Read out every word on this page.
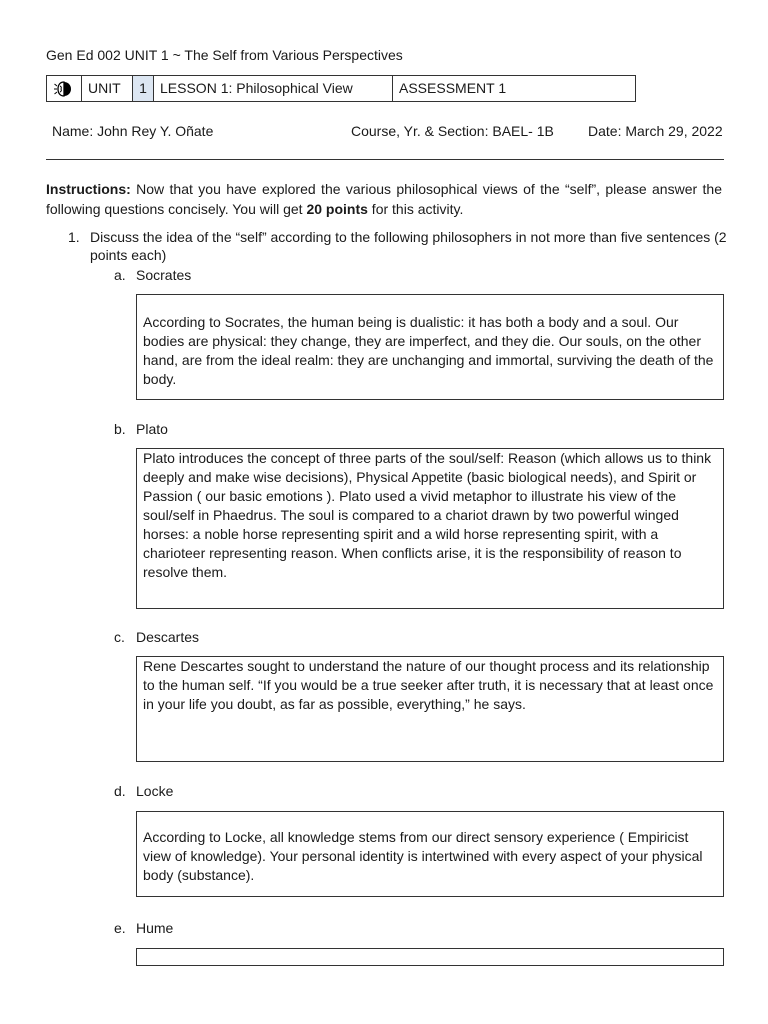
Gen Ed 002 UNIT 1 ~ The Self from Various Perspectives
	UNIT	1	LESSON 1: Philosophical View	ASSESSMENT 1
Name: John Rey Y. Oñate	Course, Yr. & Section: BAEL- 1B Date: March 29, 2022
Instructions: Now that you have explored the various philosophical views of the “self”, please answer the following questions concisely. You will get 20 points for this activity.
1. Discuss the idea of the “self” according to the following philosophers in not more than five sentences (2 points each)
a. Socrates
According to Socrates, the human being is dualistic: it has both a body and a soul. Our bodies are physical: they change, they are imperfect, and they die. Our souls, on the other hand, are from the ideal realm: they are unchanging and immortal, surviving the death of the body.
b. Plato
Plato introduces the concept of three parts of the soul/self: Reason (which allows us to think deeply and make wise decisions), Physical Appetite (basic biological needs), and Spirit or Passion ( our basic emotions ). Plato used a vivid metaphor to illustrate his view of the soul/self in Phaedrus. The soul is compared to a chariot drawn by two powerful winged horses: a noble horse representing spirit and a wild horse representing spirit, with a charioteer representing reason. When conflicts arise, it is the responsibility of reason to resolve them.
c. Descartes
Rene Descartes sought to understand the nature of our thought process and its relationship to the human self. “If you would be a true seeker after truth, it is necessary that at least once in your life you doubt, as far as possible, everything,” he says.
d. Locke
According to Locke, all knowledge stems from our direct sensory experience ( Empiricist view of knowledge). Your personal identity is intertwined with every aspect of your physical body (substance).
e. Hume
